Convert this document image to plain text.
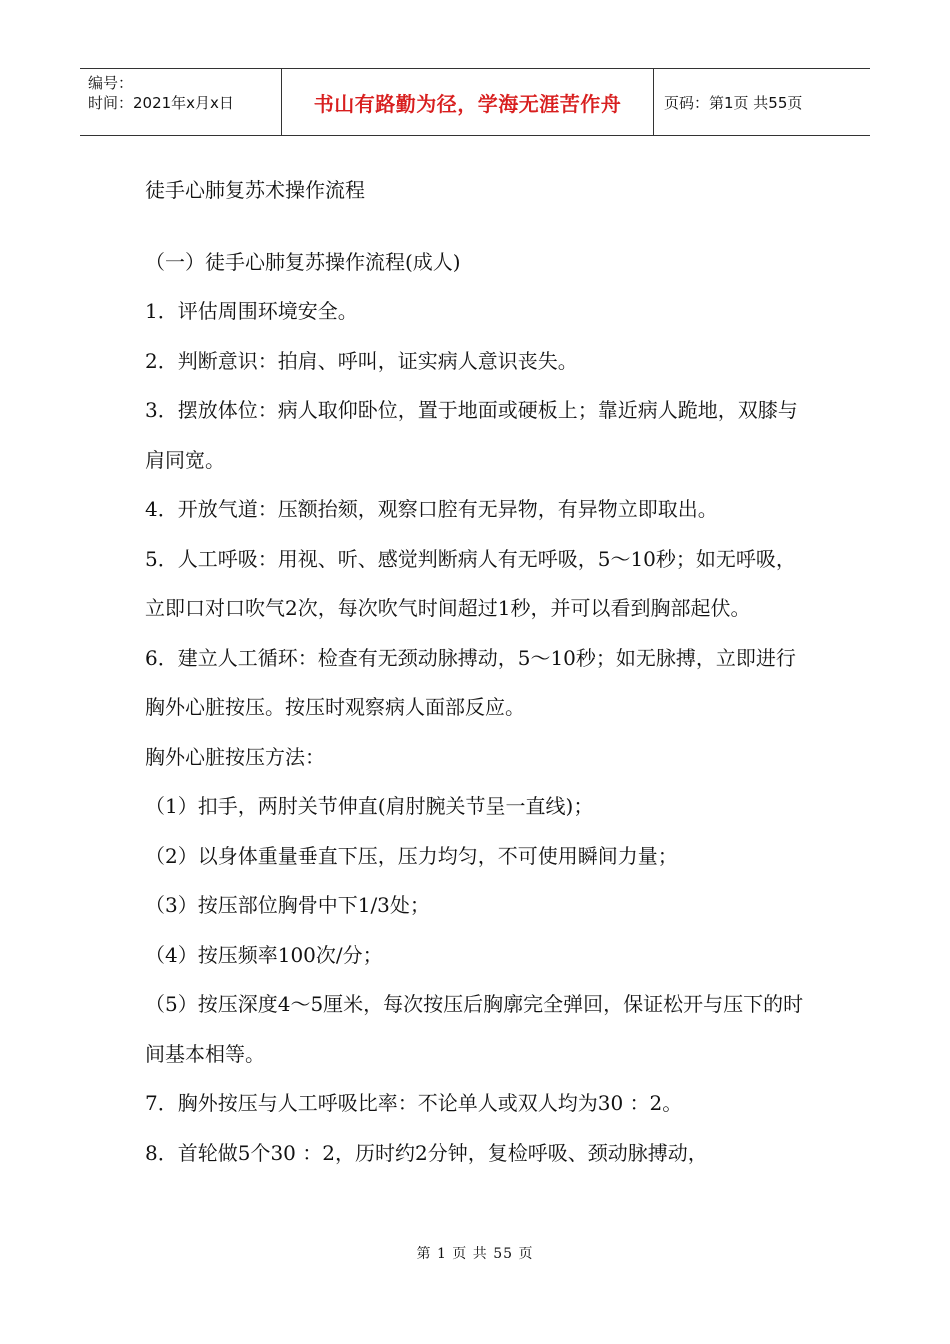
编号：
时间：2021年x月x日	书山有路勤为径，学海无涯苦作舟	页码：第1页 共55页

徒手心肺复苏术操作流程

（一）徒手心肺复苏操作流程(成人)

1．评估周围环境安全。

2．判断意识：拍肩、呼叫，证实病人意识丧失。

3．摆放体位：病人取仰卧位，置于地面或硬板上；靠近病人跪地，双膝与肩同宽。

4．开放气道：压额抬颏，观察口腔有无异物，有异物立即取出。

5．人工呼吸：用视、听、感觉判断病人有无呼吸，5～10秒；如无呼吸，立即口对口吹气2次，每次吹气时间超过1秒，并可以看到胸部起伏。

6．建立人工循环：检查有无颈动脉搏动，5～10秒；如无脉搏，立即进行胸外心脏按压。按压时观察病人面部反应。

胸外心脏按压方法：

（1）扣手，两肘关节伸直(肩肘腕关节呈一直线)；

（2）以身体重量垂直下压，压力均匀，不可使用瞬间力量；

（3）按压部位胸骨中下1/3处；

（4）按压频率100次/分；

（5）按压深度4～5厘米，每次按压后胸廓完全弹回，保证松开与压下的时间基本相等。

7．胸外按压与人工呼吸比率：不论单人或双人均为30 ：2。

8．首轮做5个30 ：2，历时约2分钟，复检呼吸、颈动脉搏动，

第 1 页 共 55 页
